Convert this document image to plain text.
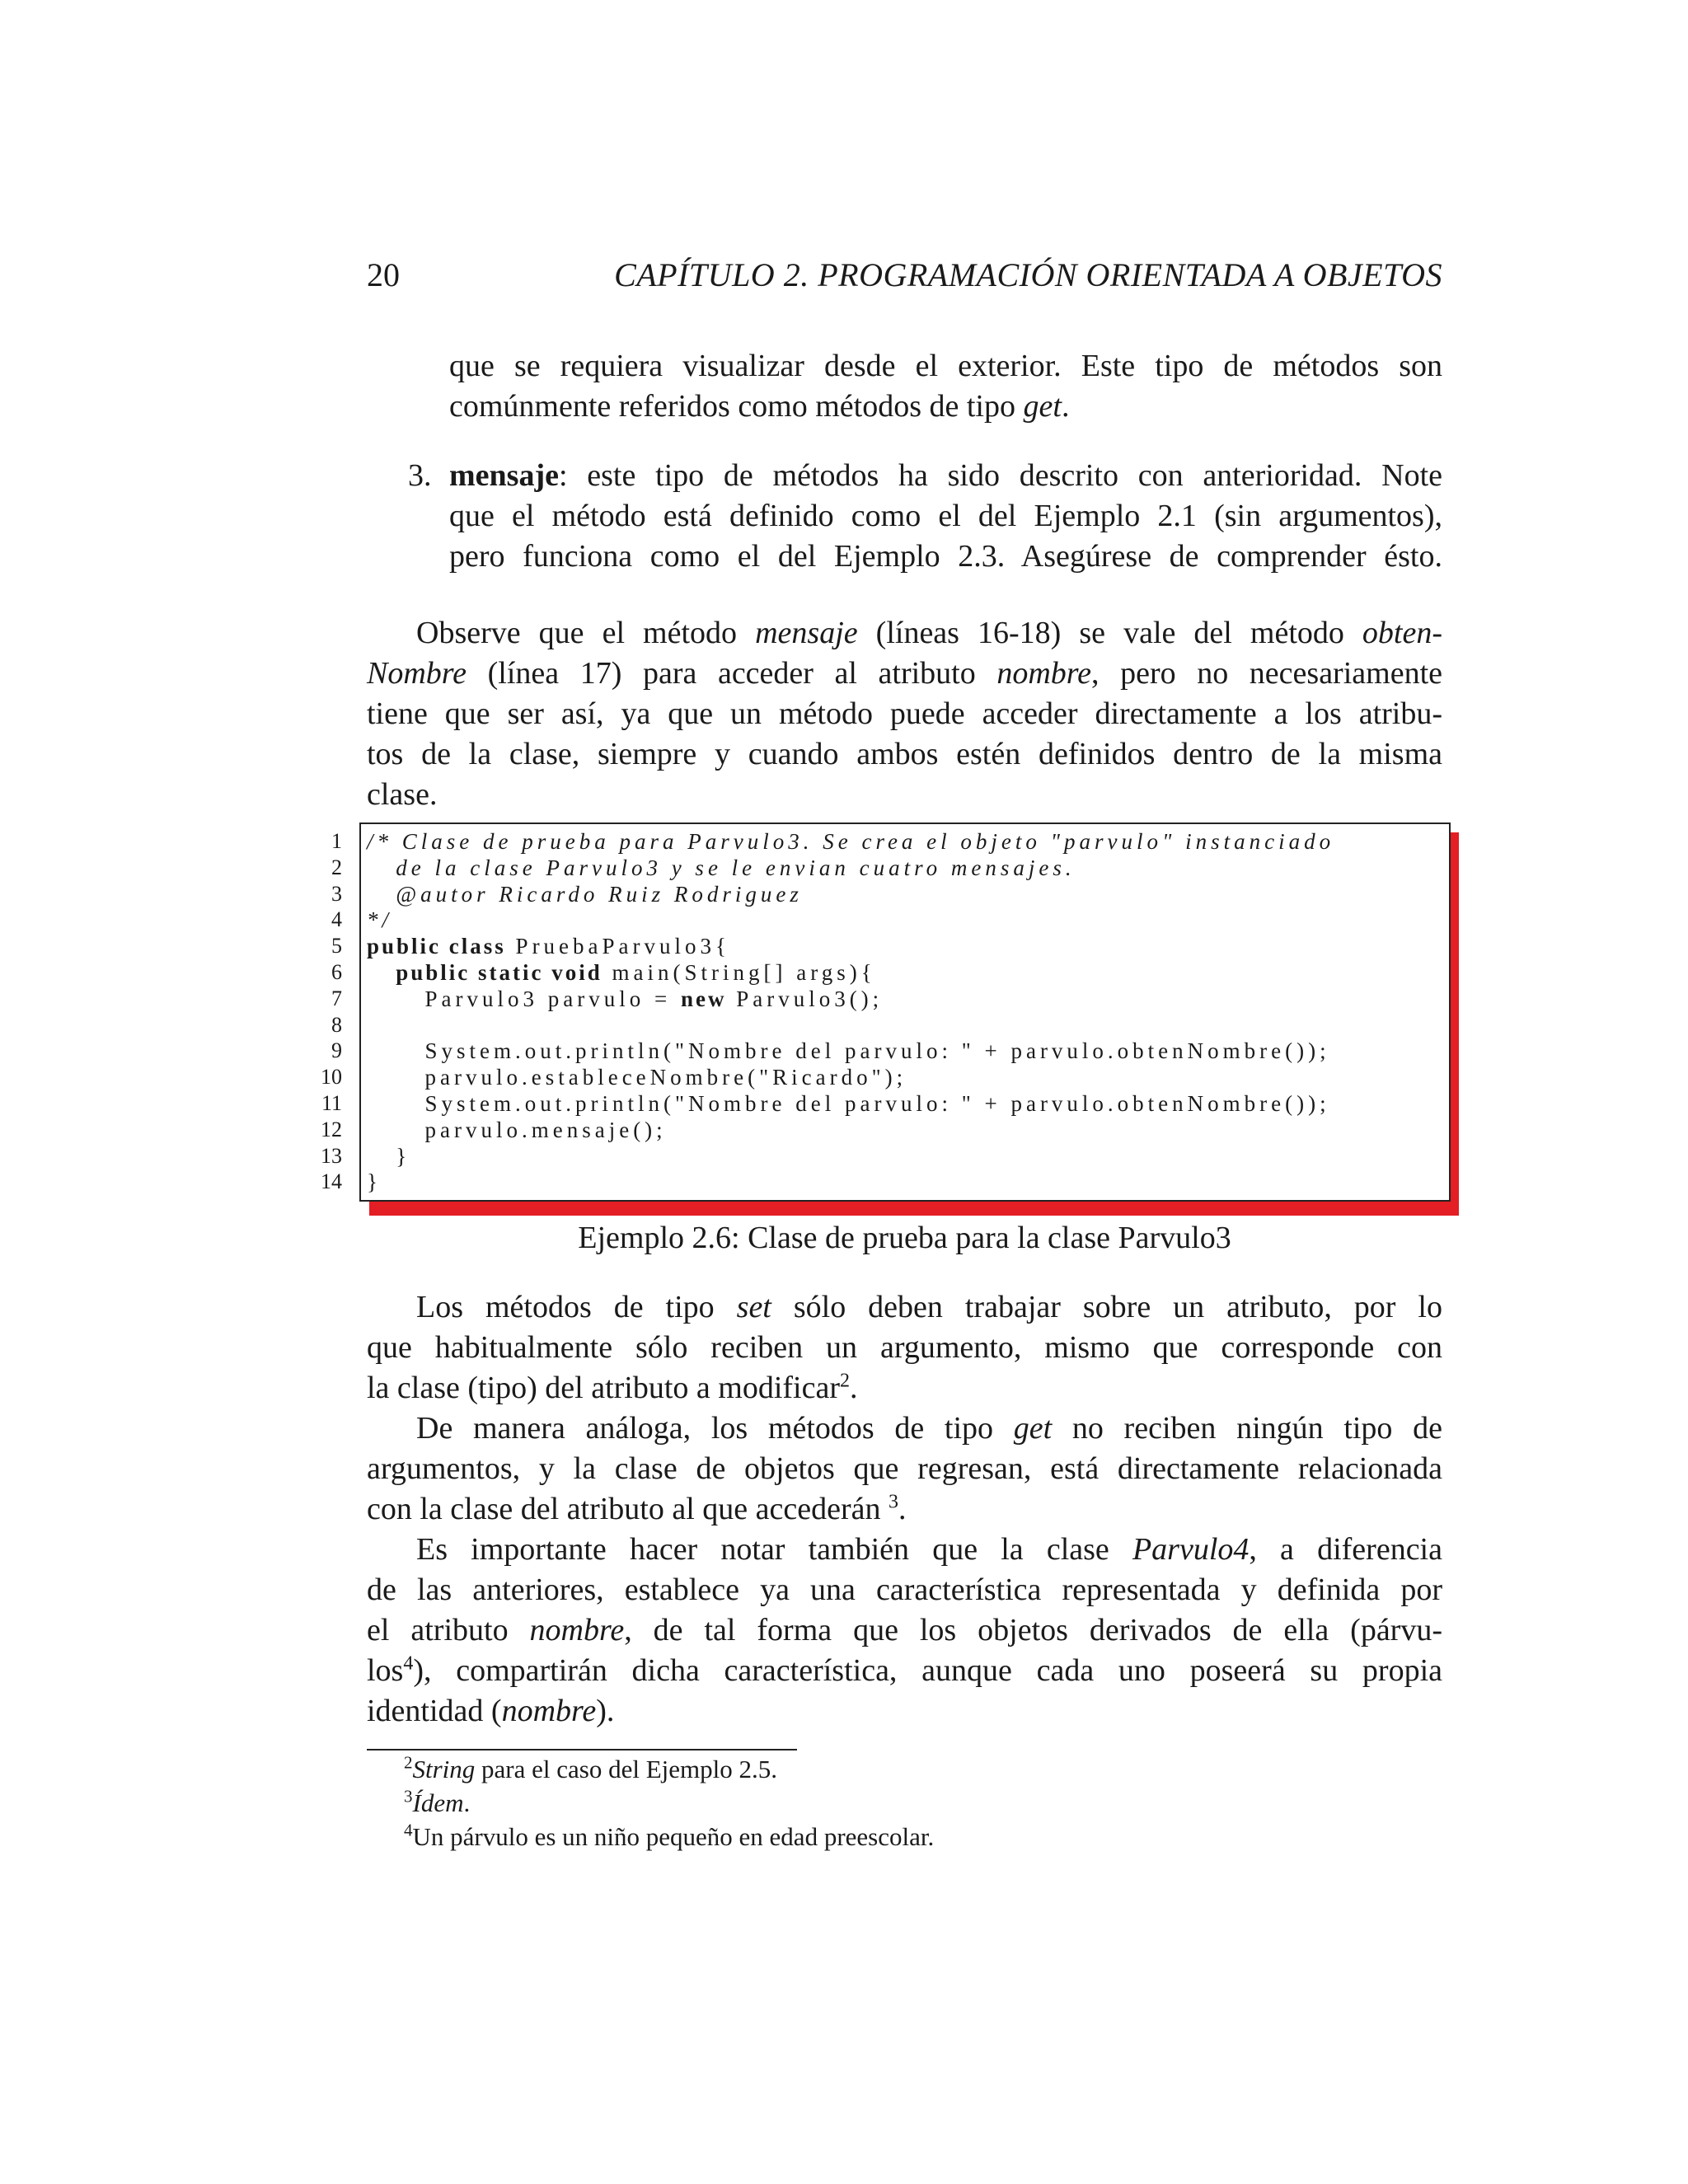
20	CAPÍTULO 2. PROGRAMACIÓN ORIENTADA A OBJETOS
que se requiera visualizar desde el exterior. Este tipo de métodos son
comúnmente referidos como métodos de tipo get.
3. mensaje: este tipo de métodos ha sido descrito con anterioridad. Note
que el método está definido como el del Ejemplo 2.1 (sin argumentos),
pero funciona como el del Ejemplo 2.3. Asegúrese de comprender ésto.
Observe que el método mensaje (líneas 16-18) se vale del método obten-
Nombre (línea 17) para acceder al atributo nombre, pero no necesariamente
tiene que ser así, ya que un método puede acceder directamente a los atribu-
tos de la clase, siempre y cuando ambos estén definidos dentro de la misma
clase.
1 /* Clase de prueba para Parvulo3. Se crea el objeto "parvulo" instanciado
2 de la clase Parvulo3 y se le envian cuatro mensajes.
3 @autor Ricardo Ruiz Rodriguez
4 */
5 public class PruebaParvulo3{
6	public static void main(String[] args){
7 Parvulo3 parvulo = new Parvulo3();
8
9 System.out.println("Nombre del parvulo: " + parvulo.obtenNombre());
10 parvulo.estableceNombre("Ricardo");
11 System.out.println("Nombre del parvulo: " + parvulo.obtenNombre());
12 parvulo.mensaje();
13 }
14 }
Ejemplo 2.6: Clase de prueba para la clase Parvulo3
Los métodos de tipo set sólo deben trabajar sobre un atributo, por lo
que habitualmente sólo reciben un argumento, mismo que corresponde con
la clase (tipo) del atributo a modificar$^2$.
De manera análoga, los métodos de tipo get no reciben ningún tipo de
argumentos, y la clase de objetos que regresan, está directamente relacionada
con la clase del atributo al que accederán $^3$.
Es importante hacer notar también que la clase Parvulo4, a diferencia
de las anteriores, establece ya una característica representada y definida por
el atributo nombre, de tal forma que los objetos derivados de ella (párvu-
los$^4$), compartirán dicha característica, aunque cada uno poseerá su propia
identidad (nombre).
$^2$String para el caso del Ejemplo 2.5.
$^3$Ídem.
$^4$Un párvulo es un niño pequeño en edad preescolar.
